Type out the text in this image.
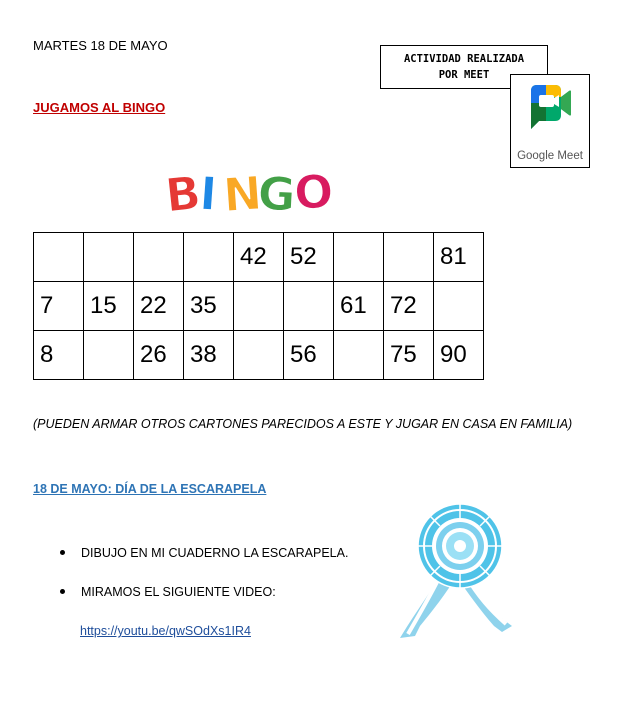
MARTES 18 DE MAYO
JUGAMOS AL BINGO
ACTIVIDAD REALIZADA
POR MEET
Google Meet
B
I N
G
O
				42	52			81
7	15	22	35			61	72	
8		26	38		56		75	90
(PUEDEN ARMAR OTROS CARTONES PARECIDOS A ESTE Y JUGAR EN CASA EN FAMILIA)
18 DE MAYO: DÍA DE LA ESCARAPELA
DIBUJO EN MI CUADERNO LA ESCARAPELA.
MIRAMOS EL SIGUIENTE VIDEO:
https://youtu.be/qwSOdXs1IR4
